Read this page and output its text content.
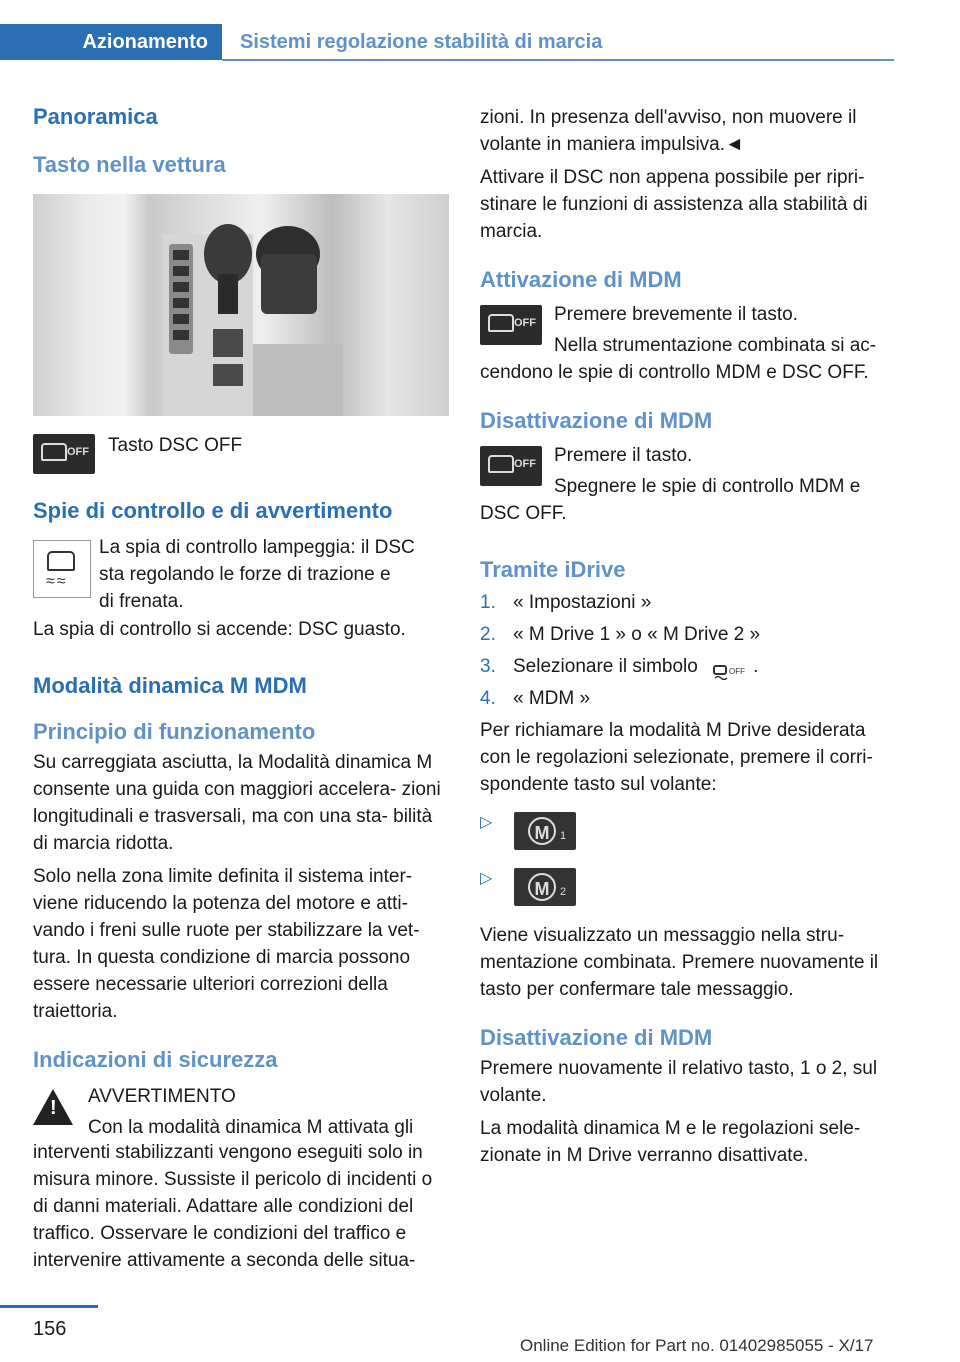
Azionamento	Sistemi regolazione stabilità di marcia
Panoramica
Tasto nella vettura
OFF Tasto DSC OFF

Spie di controllo e di avvertimento
≈≈

La spia di controllo lampeggia: il DSC

sta regolando le forze di trazione e

di frenata.

La spia di controllo si accende: DSC guasto.

Modalità dinamica M MDM
Principio di funzionamento

Su carreggiata asciutta, la Modalità dinamica M consente una guida con maggiori accelera- zioni longitudinali e trasversali, ma con una sta- bilità di marcia ridotta.

Solo nella zona limite definita il sistema inter- viene riducendo la potenza del motore e atti- vando i freni sulle ruote per stabilizzare la vet- tura. In questa condizione di marcia possono essere necessarie ulteriori correzioni della traiettoria.

Indicazioni di sicurezza
!

AVVERTIMENTO

Con la modalità dinamica M attivata gli

interventi stabilizzanti vengono eseguiti solo in misura minore. Sussiste il pericolo di incidenti o di danni materiali. Adattare alle condizioni del traffico. Osservare le condizioni del traffico e intervenire attivamente a seconda delle situa-

zioni. In presenza dell'avviso, non muovere il volante in maniera impulsiva.◄

Attivare il DSC non appena possibile per ripri- stinare le funzioni di assistenza alla stabilità di marcia.

Attivazione di MDM
OFF Premere brevemente il tasto.

Nella strumentazione combinata si ac-

cendono le spie di controllo MDM e DSC OFF.

Disattivazione di MDM
OFF Premere il tasto.

Spegnere le spie di controllo MDM e

DSC OFF.

Tramite iDrive
1. « Impostazioni »
2. « M Drive 1 » o « M Drive 2 »
3. Selezionare il simbolo	OFF .
4. « MDM »

Per richiamare la modalità M Drive desiderata con le regolazioni selezionate, premere il corri- spondente tasto sul volante:

▷
M 1
▷
M 2

Viene visualizzato un messaggio nella stru- mentazione combinata. Premere nuovamente il tasto per confermare tale messaggio.

Disattivazione di MDM

Premere nuovamente il relativo tasto, 1 o 2, sul volante.

La modalità dinamica M e le regolazioni sele- zionate in M Drive verranno disattivate.

156
Online Edition for Part no. 01402985055 - X/17
